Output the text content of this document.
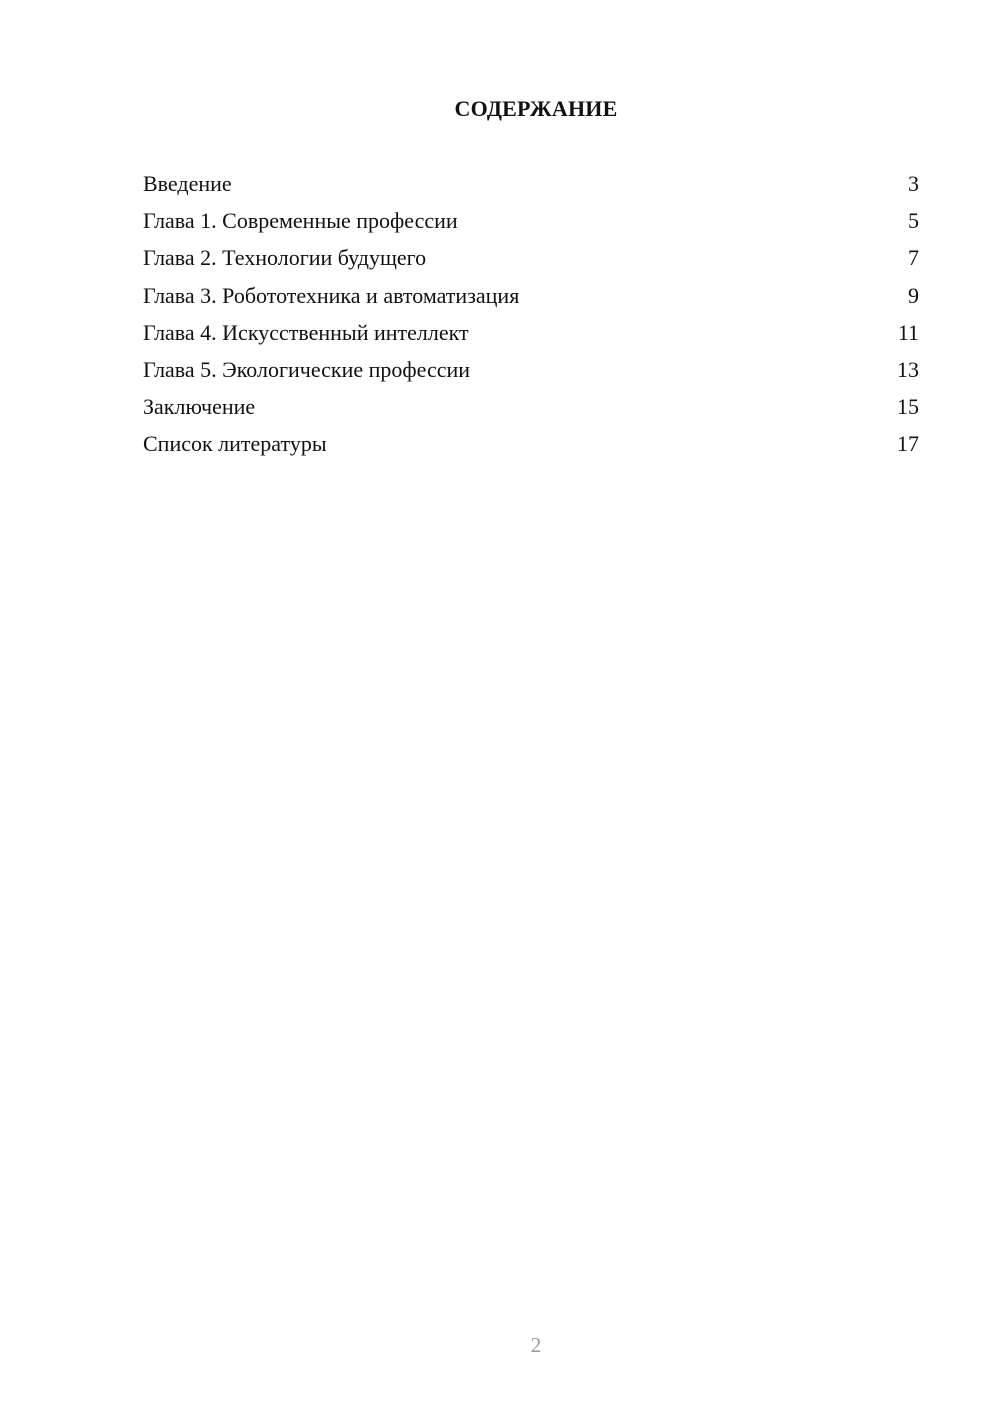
СОДЕРЖАНИЕ
Введение	3
Глава 1. Современные профессии	5
Глава 2. Технологии будущего	7
Глава 3. Робототехника и автоматизация	9
Глава 4. Искусственный интеллект	11
Глава 5. Экологические профессии	13
Заключение	15
Список литературы	17
2
